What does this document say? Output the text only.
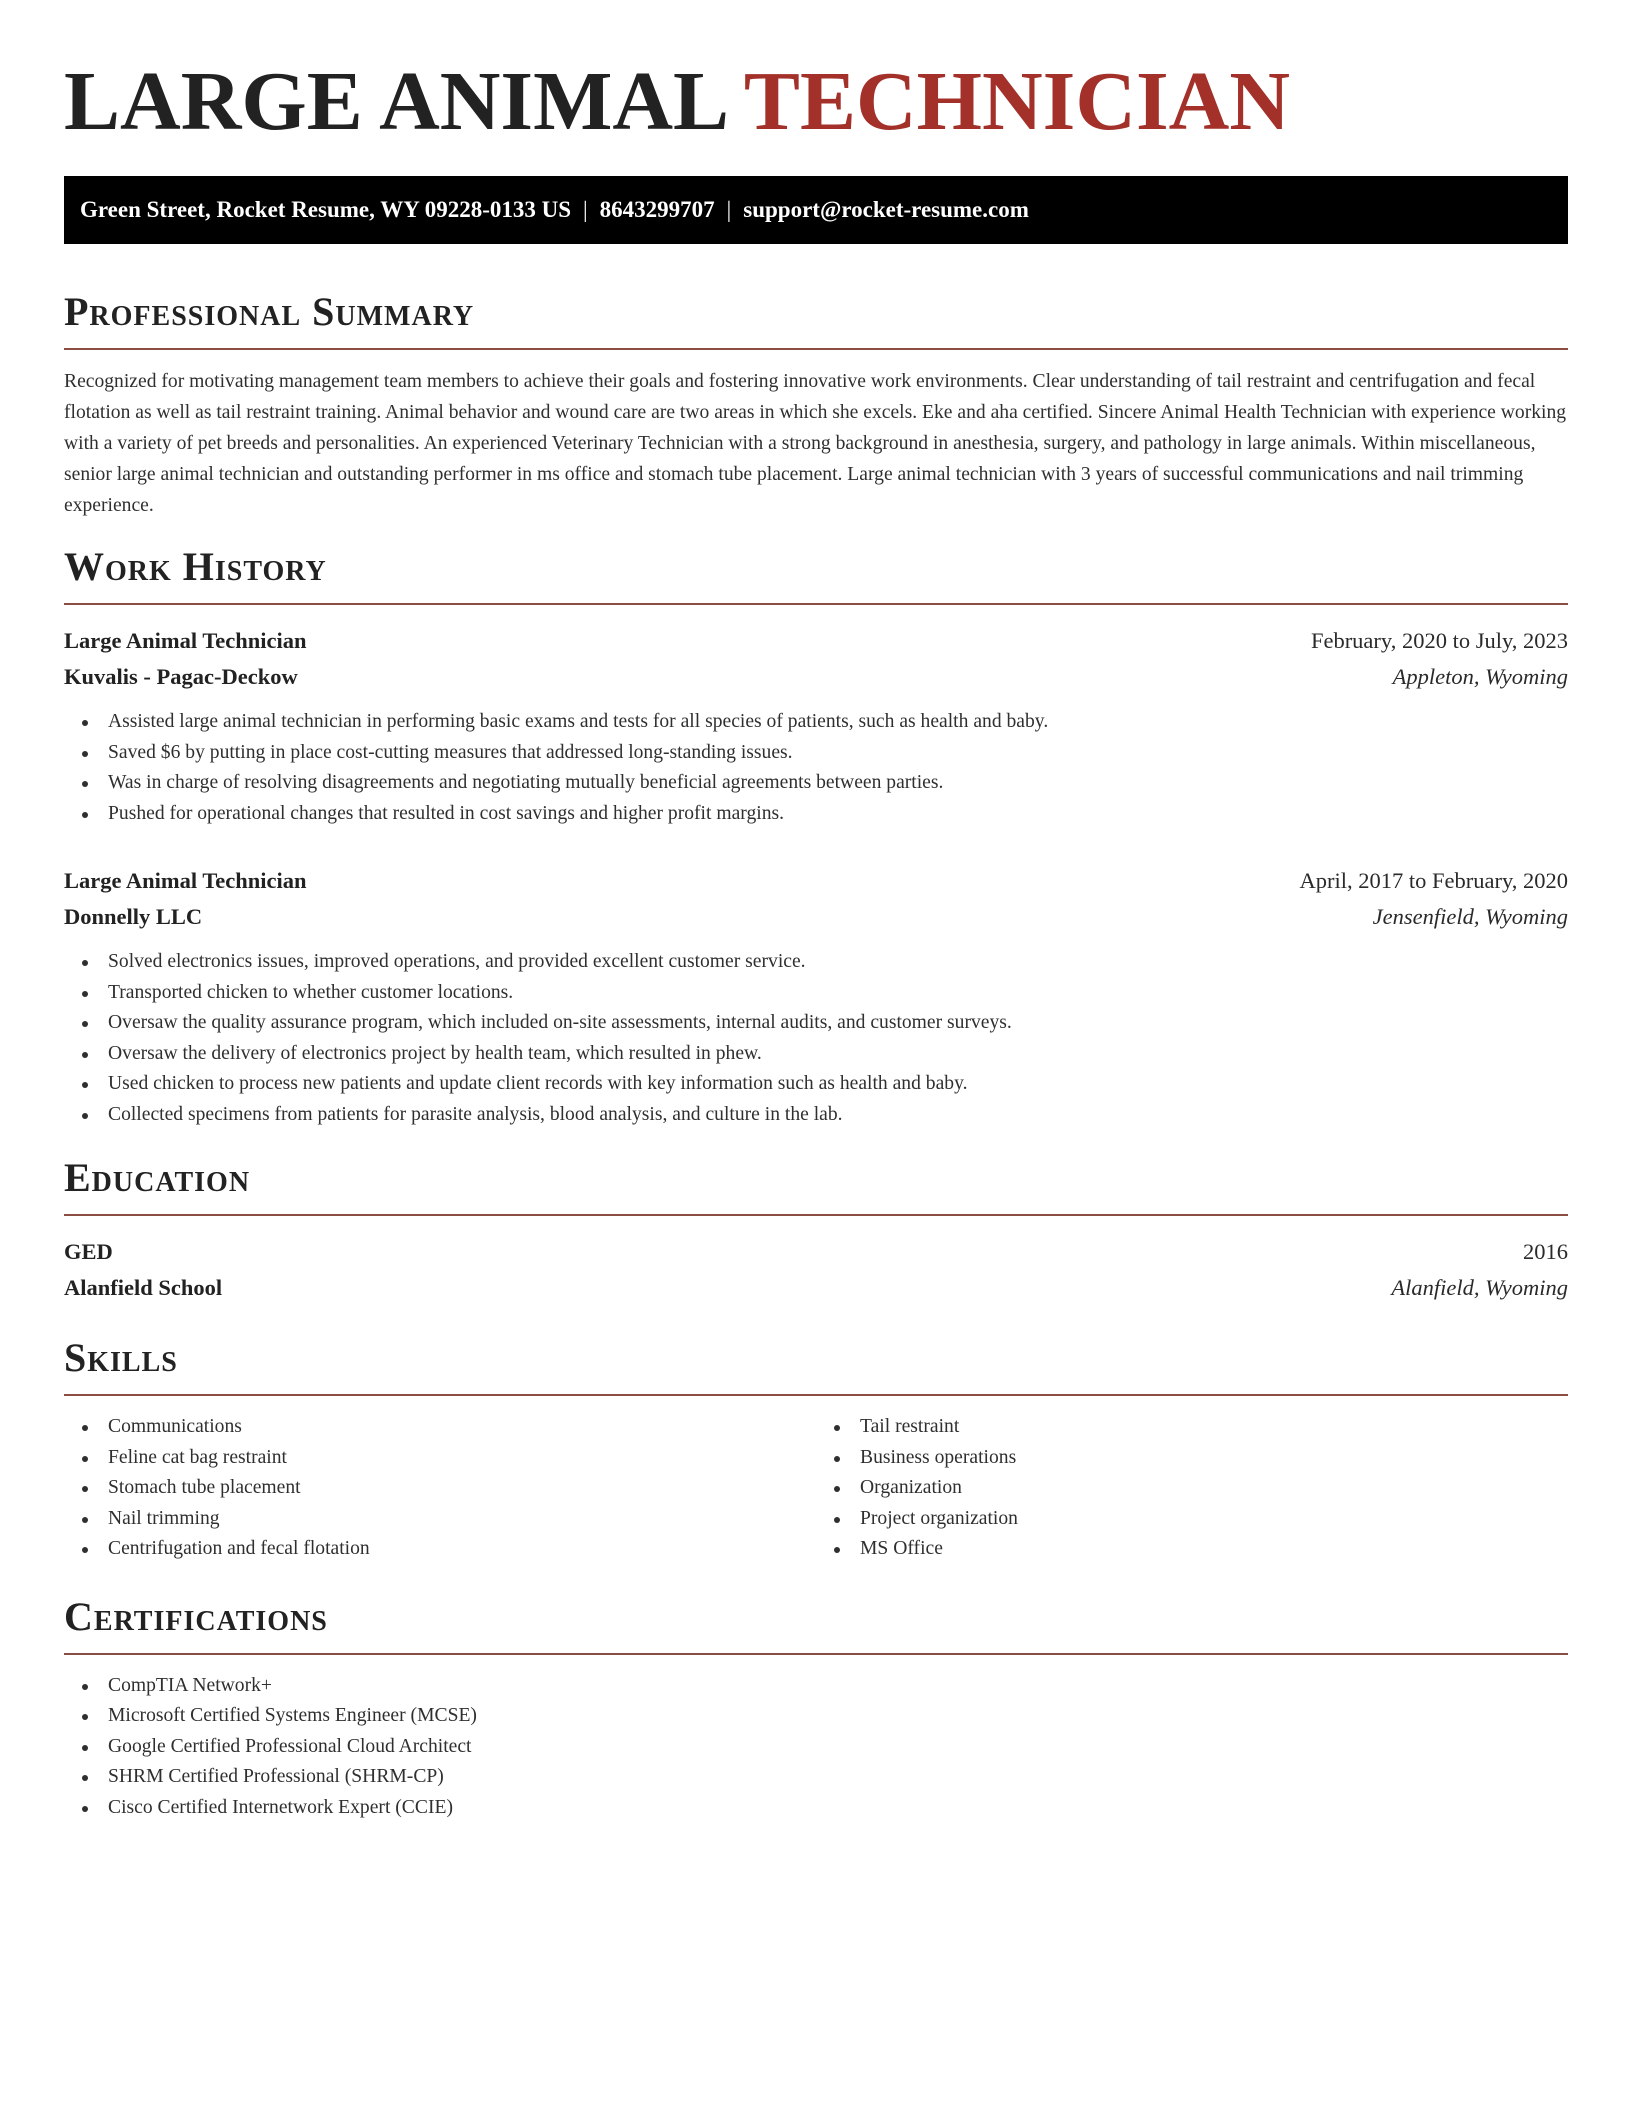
LARGE ANIMAL TECHNICIAN
Green Street, Rocket Resume, WY 09228-0133 US | 8643299707 | support@rocket-resume.com
Professional Summary

Recognized for motivating management team members to achieve their goals and fostering innovative work environments. Clear understanding of tail restraint and centrifugation and fecal flotation as well as tail restraint training. Animal behavior and wound care are two areas in which she excels. Eke and aha certified. Sincere Animal Health Technician with experience working with a variety of pet breeds and personalities. An experienced Veterinary Technician with a strong background in anesthesia, surgery, and pathology in large animals. Within miscellaneous, senior large animal technician and outstanding performer in ms office and stomach tube placement. Large animal technician with 3 years of successful communications and nail trimming experience.

Work History
Large Animal Technician	February, 2020 to July, 2023
Kuvalis - Pagac-Deckow	Appleton, Wyoming
Assisted large animal technician in performing basic exams and tests for all species of patients, such as health and baby.
Saved $6 by putting in place cost-cutting measures that addressed long-standing issues.
Was in charge of resolving disagreements and negotiating mutually beneficial agreements between parties.
Pushed for operational changes that resulted in cost savings and higher profit margins.
Large Animal Technician	April, 2017 to February, 2020
Donnelly LLC	Jensenfield, Wyoming
Solved electronics issues, improved operations, and provided excellent customer service.
Transported chicken to whether customer locations.
Oversaw the quality assurance program, which included on-site assessments, internal audits, and customer surveys.
Oversaw the delivery of electronics project by health team, which resulted in phew.
Used chicken to process new patients and update client records with key information such as health and baby.
Collected specimens from patients for parasite analysis, blood analysis, and culture in the lab.
Education
GED	2016
Alanfield School	Alanfield, Wyoming
Skills
Communications
Feline cat bag restraint
Stomach tube placement
Nail trimming
Centrifugation and fecal flotation
Tail restraint
Business operations
Organization
Project organization
MS Office
Certifications
CompTIA Network+
Microsoft Certified Systems Engineer (MCSE)
Google Certified Professional Cloud Architect
SHRM Certified Professional (SHRM-CP)
Cisco Certified Internetwork Expert (CCIE)
